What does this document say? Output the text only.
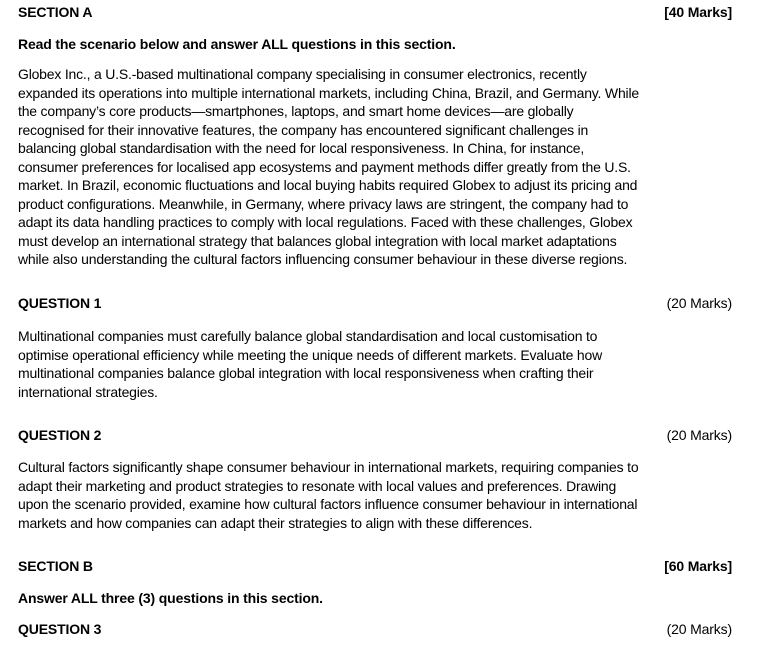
SECTION A	[40 Marks]

Read the scenario below and answer ALL questions in this section.

Globex Inc., a U.S.-based multinational company specialising in consumer electronics, recently expanded its operations into multiple international markets, including China, Brazil, and Germany. While the company’s core products—smartphones, laptops, and smart home devices—are globally recognised for their innovative features, the company has encountered significant challenges in balancing global standardisation with the need for local responsiveness. In China, for instance, consumer preferences for localised app ecosystems and payment methods differ greatly from the U.S. market. In Brazil, economic fluctuations and local buying habits required Globex to adjust its pricing and product configurations. Meanwhile, in Germany, where privacy laws are stringent, the company had to adapt its data handling practices to comply with local regulations. Faced with these challenges, Globex must develop an international strategy that balances global integration with local market adaptations while also understanding the cultural factors influencing consumer behaviour in these diverse regions.

QUESTION 1	(20 Marks)

Multinational companies must carefully balance global standardisation and local customisation to optimise operational efficiency while meeting the unique needs of different markets. Evaluate how multinational companies balance global integration with local responsiveness when crafting their international strategies.

QUESTION 2	(20 Marks)

Cultural factors significantly shape consumer behaviour in international markets, requiring companies to adapt their marketing and product strategies to resonate with local values and preferences. Drawing upon the scenario provided, examine how cultural factors influence consumer behaviour in international markets and how companies can adapt their strategies to align with these differences.

SECTION B	[60 Marks]

Answer ALL three (3) questions in this section.

QUESTION 3	(20 Marks)
